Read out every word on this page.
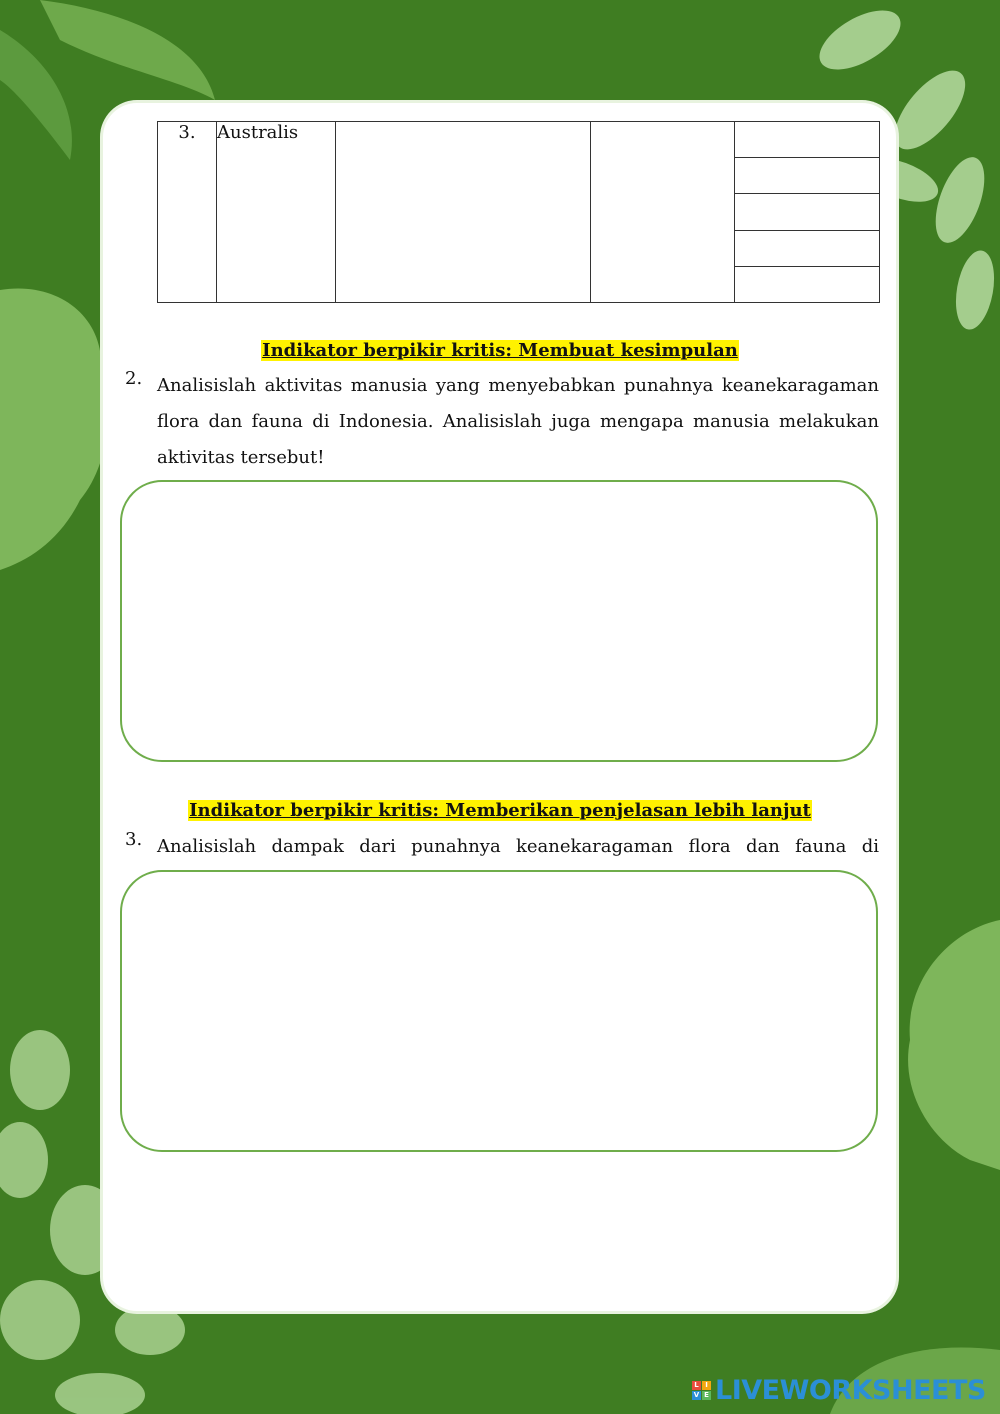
3.	Australis			

Indikator berpikir kritis: Membuat kesimpulan
2. Analisislah aktivitas manusia yang menyebabkan punahnya keanekaragaman flora dan fauna di Indonesia. Analisislah juga mengapa manusia melakukan aktivitas tersebut!
Indikator berpikir kritis: Memberikan penjelasan lebih lanjut
3. Analisislah dampak dari punahnya keanekaragaman flora dan fauna di
L I
V E LIVEWORKSHEETS
